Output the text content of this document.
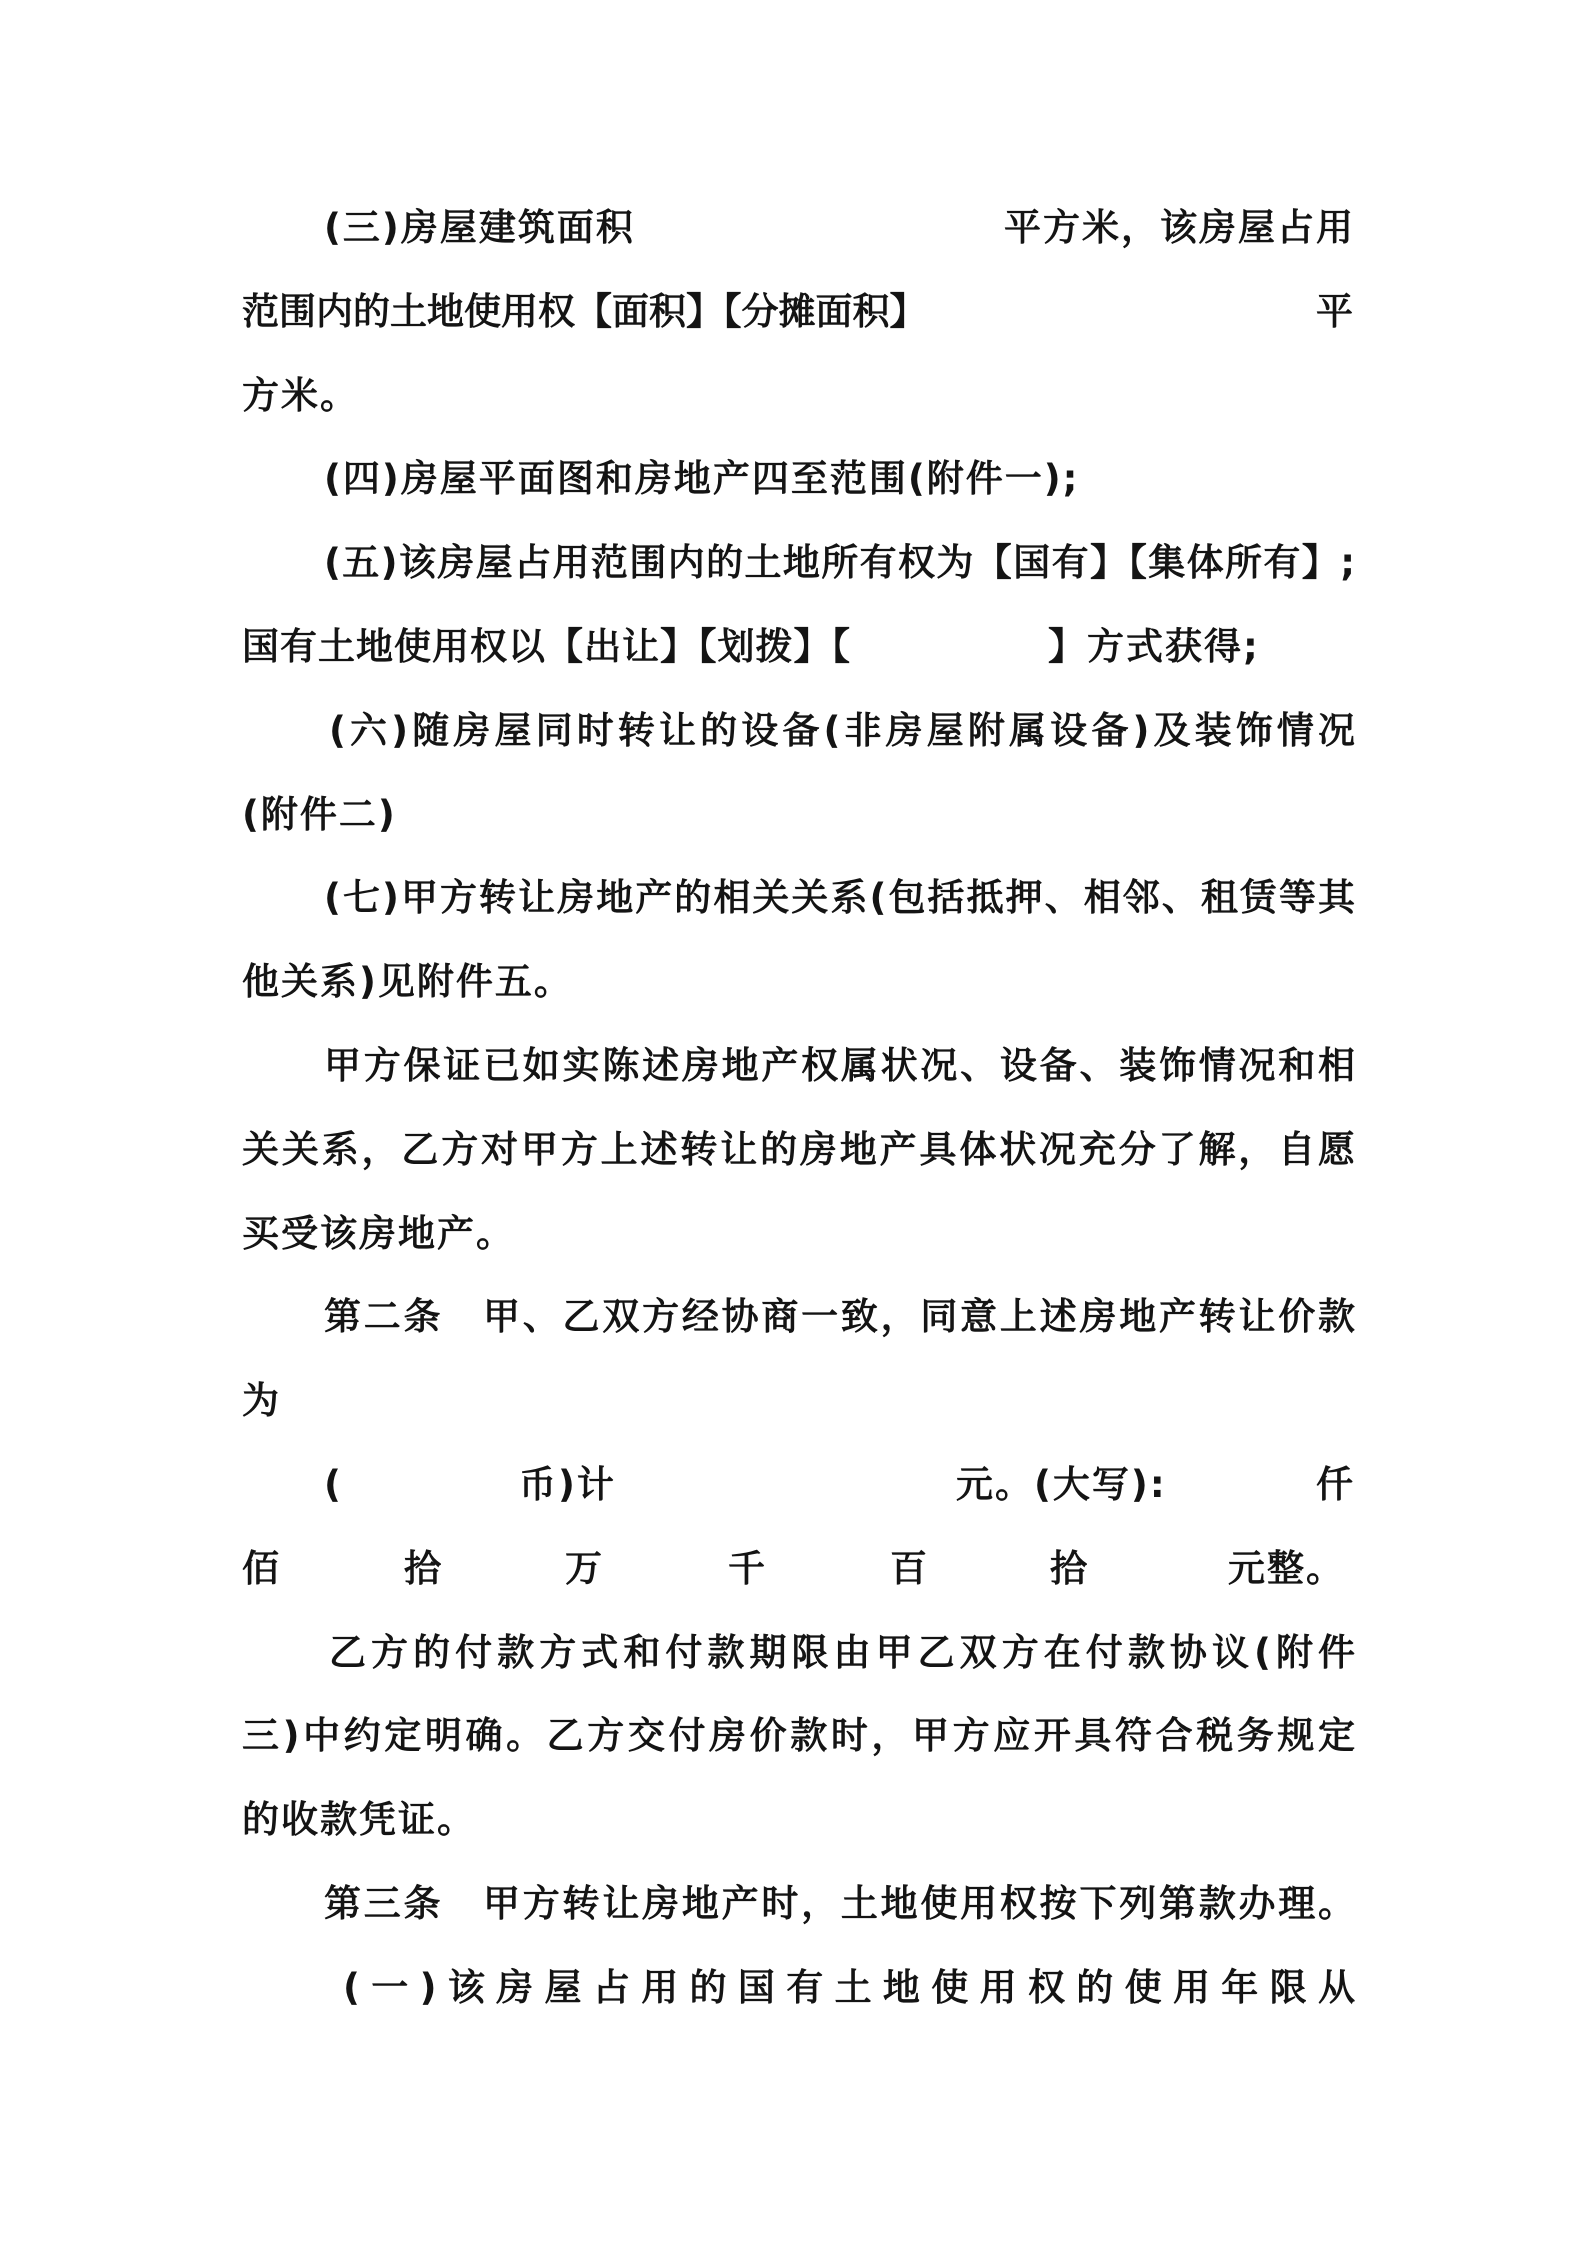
(三)房屋建筑面积	平方米，该房屋占用
范围内的土地使用权【面积】【分摊面积】	平
方米。
(四)房屋平面图和房地产四至范围(附件一);
(五)该房屋占用范围内的土地所有权为【国有】【集体所有】;
国有土地使用权以【出让】【划拨】【	】方式获得;
(六)随房屋同时转让的设备(非房屋附属设备)及装饰情况
(附件二)
(七)甲方转让房地产的相关关系(包括抵押、相邻、租赁等其
他关系)见附件五。
甲方保证已如实陈述房地产权属状况、设备、装饰情况和相
关关系，乙方对甲方上述转让的房地产具体状况充分了解，自愿
买受该房地产。
第二条　甲、乙双方经协商一致，同意上述房地产转让价款
为
(	币)计	元。(大写):	仟
佰	拾	万	千	百	拾	元整。
乙方的付款方式和付款期限由甲乙双方在付款协议(附件
三)中约定明确。乙方交付房价款时，甲方应开具符合税务规定
的收款凭证。
第三条　甲方转让房地产时，土地使用权按下列第款办理。
(一)该房屋占用的国有土地使用权的使用年限从
